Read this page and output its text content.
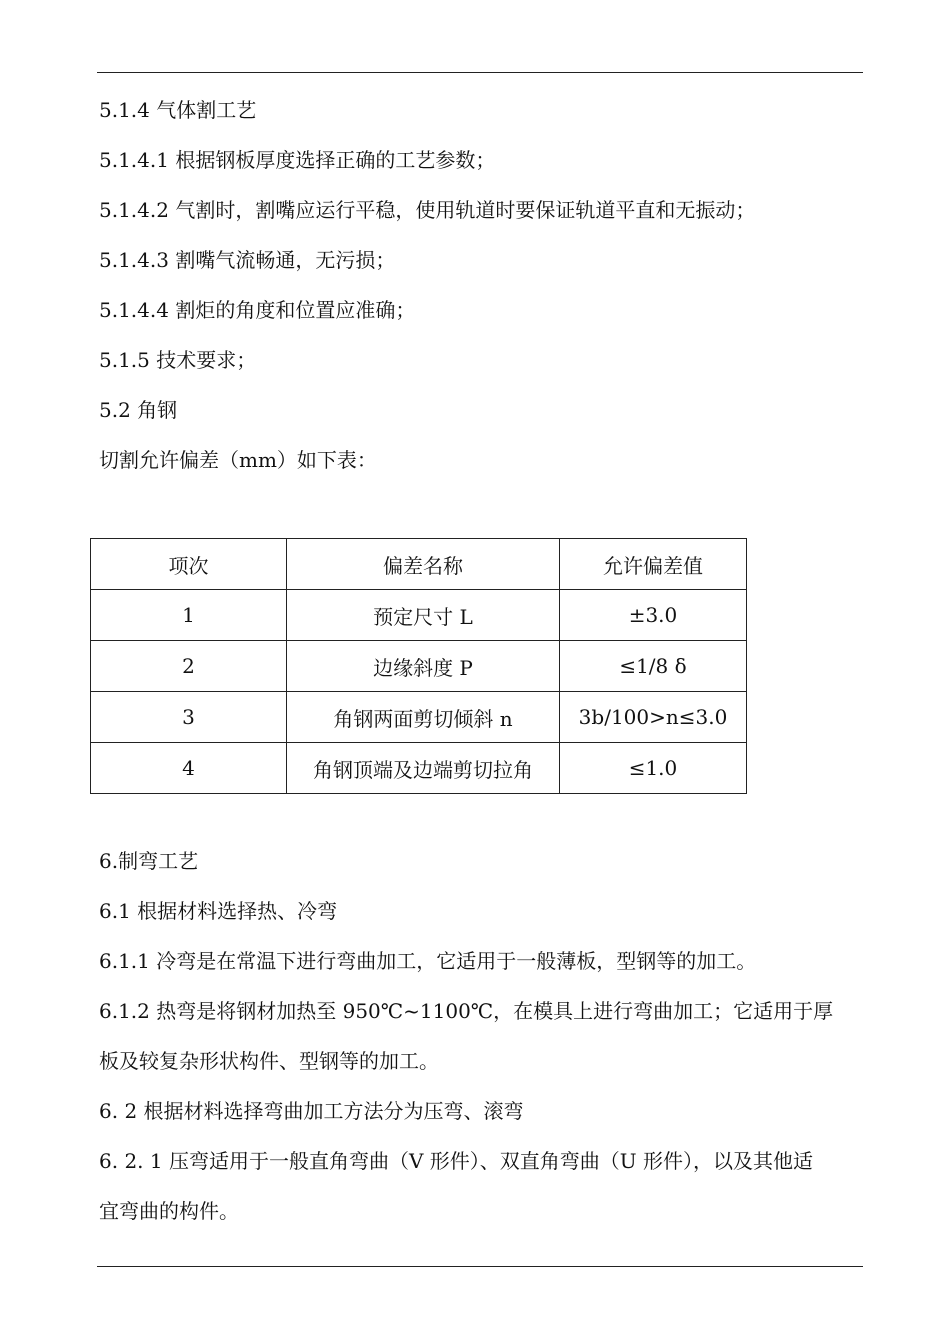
5.1.4 气体割工艺
5.1.4.1 根据钢板厚度选择正确的工艺参数；
5.1.4.2 气割时，割嘴应运行平稳，使用轨道时要保证轨道平直和无振动；
5.1.4.3 割嘴气流畅通，无污损；
5.1.4.4 割炬的角度和位置应准确；
5.1.5 技术要求；
5.2 角钢
切割允许偏差（mm）如下表：
项次	偏差名称	允许偏差值
1	预定尺寸 L	±3.0
2	边缘斜度 P	≤1/8 δ
3	角钢两面剪切倾斜 n	3b/100>n≤3.0
4	角钢顶端及边端剪切拉角	≤1.0
6.制弯工艺
6.1 根据材料选择热、冷弯
6.1.1 冷弯是在常温下进行弯曲加工，它适用于一般薄板，型钢等的加工。
6.1.2 热弯是将钢材加热至 950℃~1100℃，在模具上进行弯曲加工；它适用于厚
板及较复杂形状构件、型钢等的加工。
6. 2 根据材料选择弯曲加工方法分为压弯、滚弯
6. 2. 1 压弯适用于一般直角弯曲（V 形件）、双直角弯曲（U 形件），以及其他适
宜弯曲的构件。
